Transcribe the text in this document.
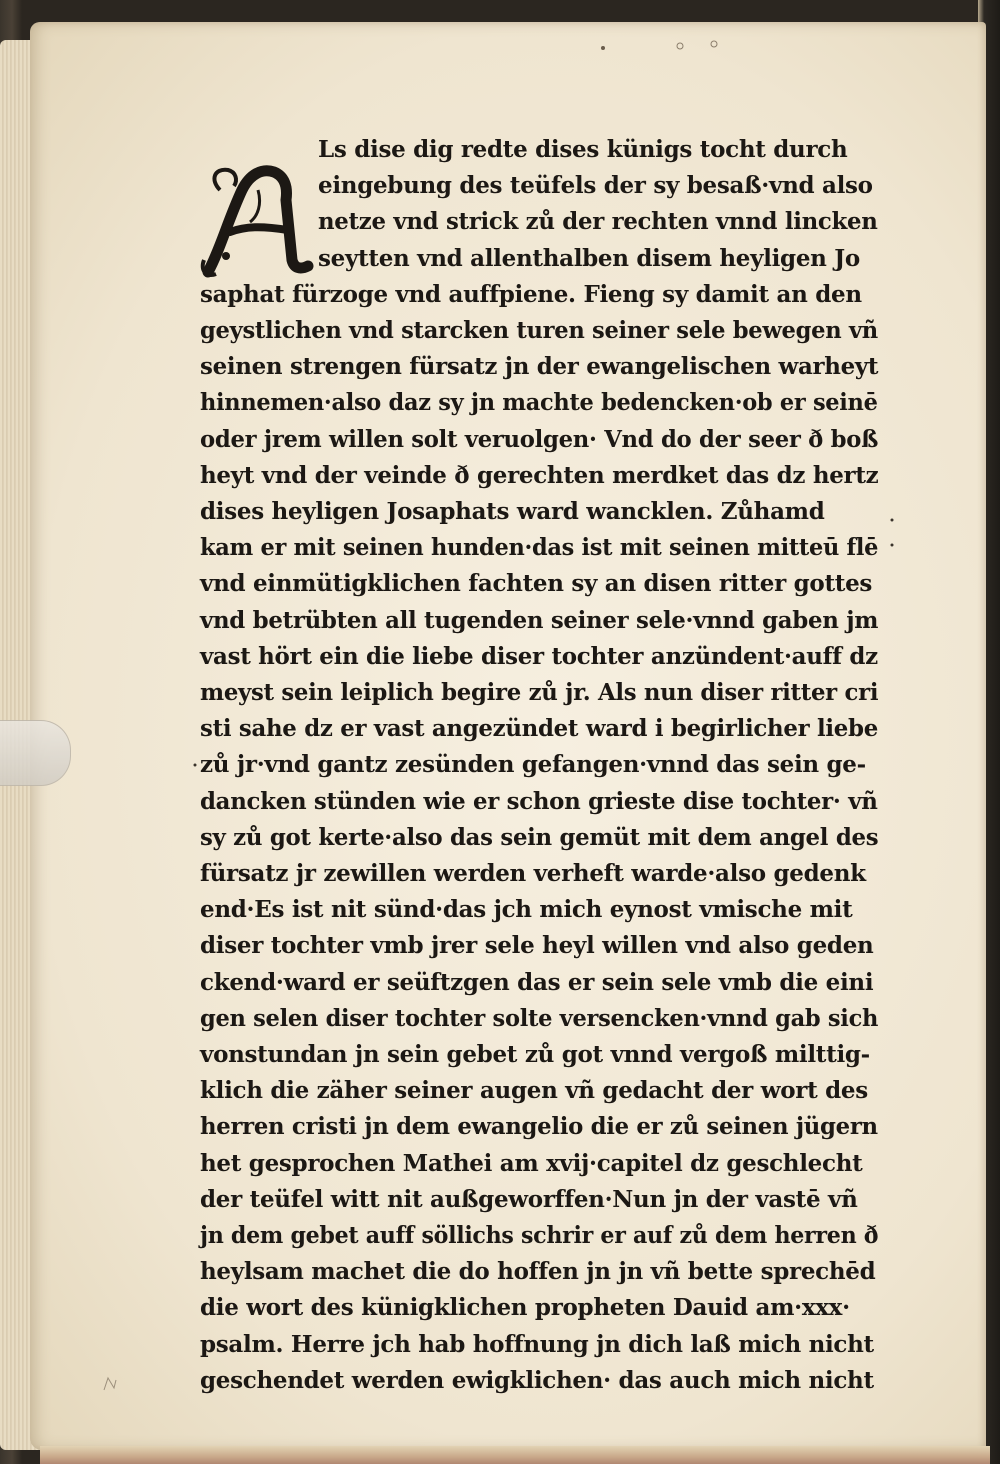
Ls dise dig redte dises künigs tocht durch
eingebung des teüfels der sy besaß·vnd also
netze vnd strick zů der rechten vnnd lincken
seytten vnd allenthalben disem heyligen Jo
saphat fürzoge vnd auffpiene. Fieng sy damit an den
geystlichen vnd starcken turen seiner sele bewegen vñ
seinen strengen fürsatz jn der ewangelischen warheyt
hinnemen·also daz sy jn machte bedencken·ob er seinē
oder jrem willen solt veruolgen· Vnd do der seer ð boß
heyt vnd der veinde ð gerechten merdket das dz hertz
dises heyligen Josaphats ward wancklen. Zůhamd
kam er mit seinen hunden·das ist mit seinen mitteū flē
vnd einmütigklichen fachten sy an disen ritter gottes
vnd betrübten all tugenden seiner sele·vnnd gaben jm
vast hört ein die liebe diser tochter anzündent·auff dz
meyst sein leiplich begire zů jr. Als nun diser ritter cri
sti sahe dz er vast angezündet ward i begirlicher liebe
zů jr·vnd gantz zesünden gefangen·vnnd das sein ge-
dancken stünden wie er schon grieste dise tochter· vñ
sy zů got kerte·also das sein gemüt mit dem angel des
fürsatz jr zewillen werden verheft warde·also gedenk
end·Es ist nit sünd·das jch mich eynost vmische mit
diser tochter vmb jrer sele heyl willen vnd also geden
ckend·ward er seüftzgen das er sein sele vmb die eini
gen selen diser tochter solte versencken·vnnd gab sich
vonstundan jn sein gebet zů got vnnd vergoß milttig-
klich die zäher seiner augen vñ gedacht der wort des
herren cristi jn dem ewangelio die er zů seinen jügern
het gesprochen Mathei am xvij·capitel dz geschlecht
der teüfel witt nit außgeworffen·Nun jn der vastē vñ
jn dem gebet auff söllichs schrir er auf zů dem herren ð
heylsam machet die do hoffen jn jn vñ bette sprechēd
die wort des künigklichen propheten Dauid am·xxx·
psalm. Herre jch hab hoffnung jn dich laß mich nicht
geschendet werden ewigklichen· das auch mich nicht
